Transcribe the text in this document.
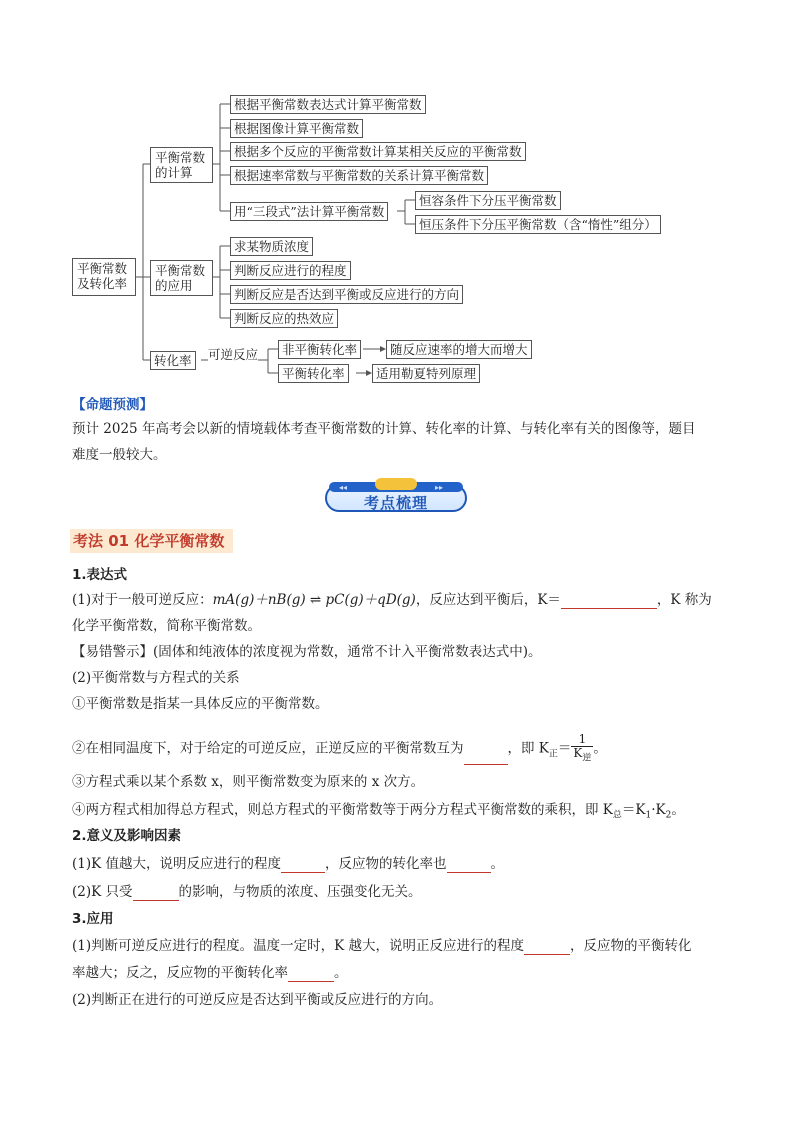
平衡常数及转化率
平衡常数的计算
根据平衡常数表达式计算平衡常数
根据图像计算平衡常数
根据多个反应的平衡常数计算某相关反应的平衡常数
根据速率常数与平衡常数的关系计算平衡常数
用“三段式”法计算平衡常数
恒容条件下分压平衡常数
恒压条件下分压平衡常数（含“惰性”组分）
平衡常数的应用
求某物质浓度
判断反应进行的程度
判断反应是否达到平衡或反应进行的方向
判断反应的热效应
转化率	可逆反应	非平衡转化率
平衡转化率
随反应速率的增大而增大
适用勒夏特列原理
【命题预测】
预计 2025 年高考会以新的情境载体考查平衡常数的计算、转化率的计算、与转化率有关的图像等，题目
难度一般较大。
◂◂	▸▸
考点梳理
考法 01 化学平衡常数
1.表达式
(1)对于一般可逆反应：mA(g)＋nB(g) ⇌ pC(g)＋qD(g)，反应达到平衡后，K＝	，K 称为
化学平衡常数，简称平衡常数。
【易错警示】(固体和纯液体的浓度视为常数，通常不计入平衡常数表达式中)。
(2)平衡常数与方程式的关系
①平衡常数是指某一具体反应的平衡常数。
②在相同温度下，对于给定的可逆反应，正逆反应的平衡常数互为	，即 $K_正= \frac{1}{K_逆}$ 。
③方程式乘以某个系数 x，则平衡常数变为原来的 x 次方。
④两方程式相加得总方程式，则总方程式的平衡常数等于两分方程式平衡常数的乘积，即 $K_总=K_1\cdot K_2$。
2.意义及影响因素
(1)K 值越大，说明反应进行的程度	，反应物的转化率也	。
(2)K 只受	的影响，与物质的浓度、压强变化无关。
3.应用
(1)判断可逆反应进行的程度。温度一定时，K 越大，说明正反应进行的程度	，反应物的平衡转化
率越大；反之，反应物的平衡转化率	。
(2)判断正在进行的可逆反应是否达到平衡或反应进行的方向。
